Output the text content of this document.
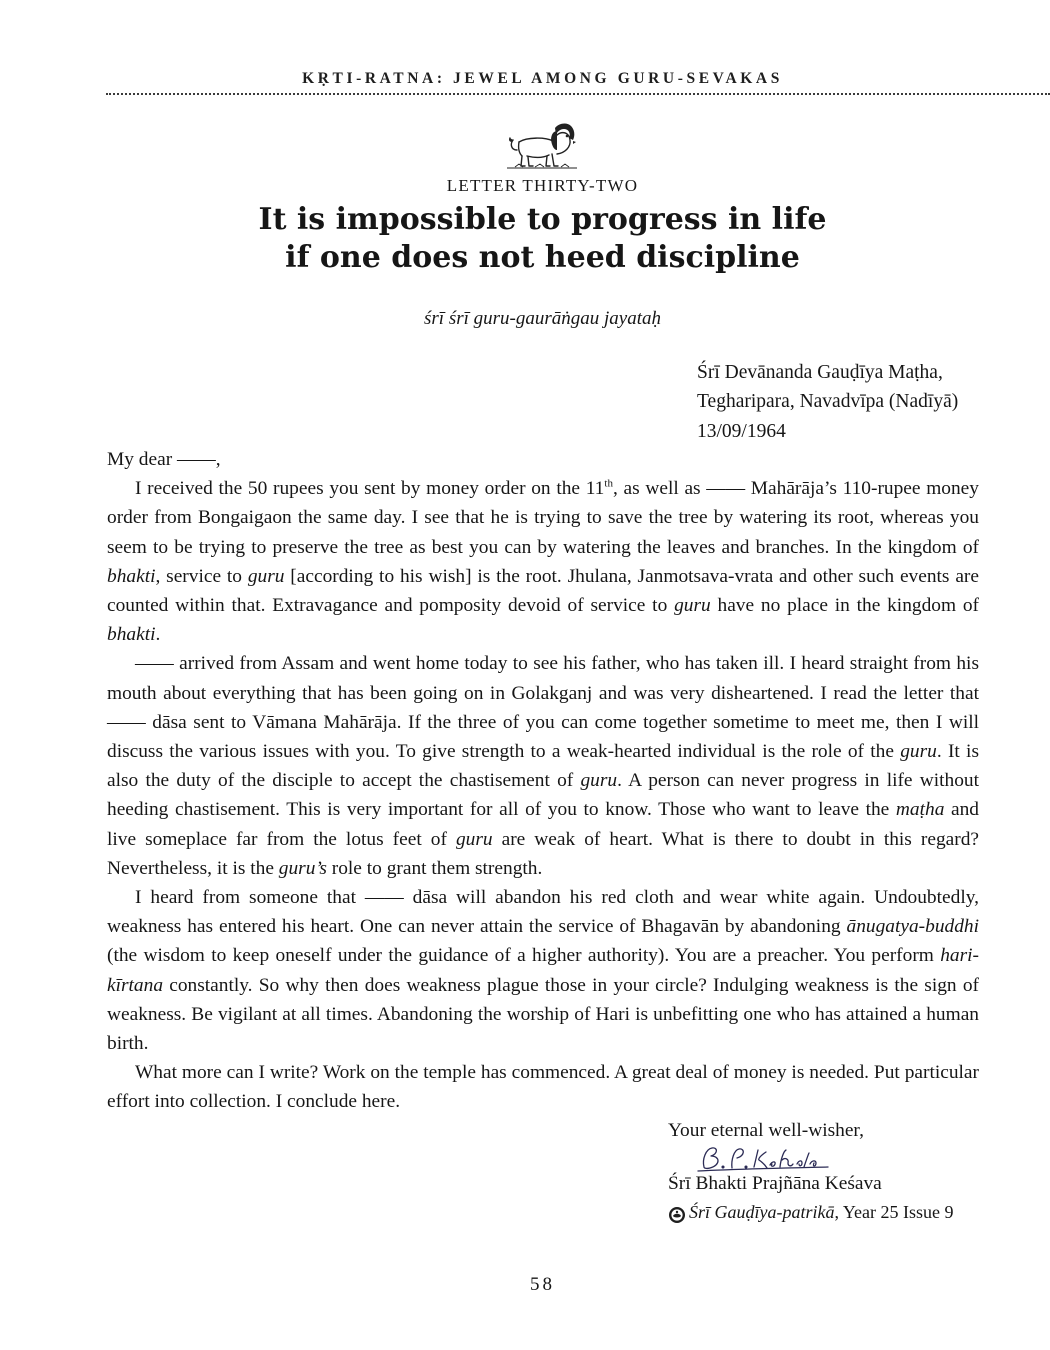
KṚTI-RATNA: JEWEL AMONG GURU-SEVAKAS
LETTER THIRTY-TWO
It is impossible to progress in life
if one does not heed discipline
śrī śrī guru-gaurāṅgau jayataḥ
Śrī Devānanda Gauḍīya Maṭha,
Tegharipara, Navadvīpa (Nadīyā)
13/09/1964

My dear ——,

I received the 50 rupees you sent by money order on the 11th, as well as —— Mahārāja’s 110-rupee money order from Bongaigaon the same day. I see that he is trying to save the tree by watering its root, whereas you seem to be trying to preserve the tree as best you can by watering the leaves and branches. In the kingdom of bhakti, service to guru [according to his wish] is the root. Jhulana, Janmotsava-vrata and other such events are counted within that. Extravagance and pomposity devoid of service to guru have no place in the kingdom of bhakti.

—— arrived from Assam and went home today to see his father, who has taken ill. I heard straight from his mouth about everything that has been going on in Golakganj and was very disheartened. I read the letter that —— dāsa sent to Vāmana Mahārāja. If the three of you can come together sometime to meet me, then I will discuss the various issues with you. To give strength to a weak-hearted individual is the role of the guru. It is also the duty of the disciple to accept the chastisement of guru. A person can never progress in life without heeding chastisement. This is very important for all of you to know. Those who want to leave the maṭha and live someplace far from the lotus feet of guru are weak of heart. What is there to doubt in this regard? Nevertheless, it is the guru’s role to grant them strength.

I heard from someone that —— dāsa will abandon his red cloth and wear white again. Undoubtedly, weakness has entered his heart. One can never attain the service of Bhagavān by abandoning ānugatya-buddhi (the wisdom to keep oneself under the guidance of a higher authority). You are a preacher. You perform hari-kīrtana constantly. So why then does weakness plague those in your circle? Indulging weakness is the sign of weakness. Be vigilant at all times. Abandoning the worship of Hari is unbefitting one who has attained a human birth.

What more can I write? Work on the temple has commenced. A great deal of money is needed. Put particular effort into collection. I conclude here.

Your eternal well-wisher,
Śrī Bhakti Prajñāna Keśava
Śrī Gauḍīya-patrikā , Year 25 Issue 9
58
